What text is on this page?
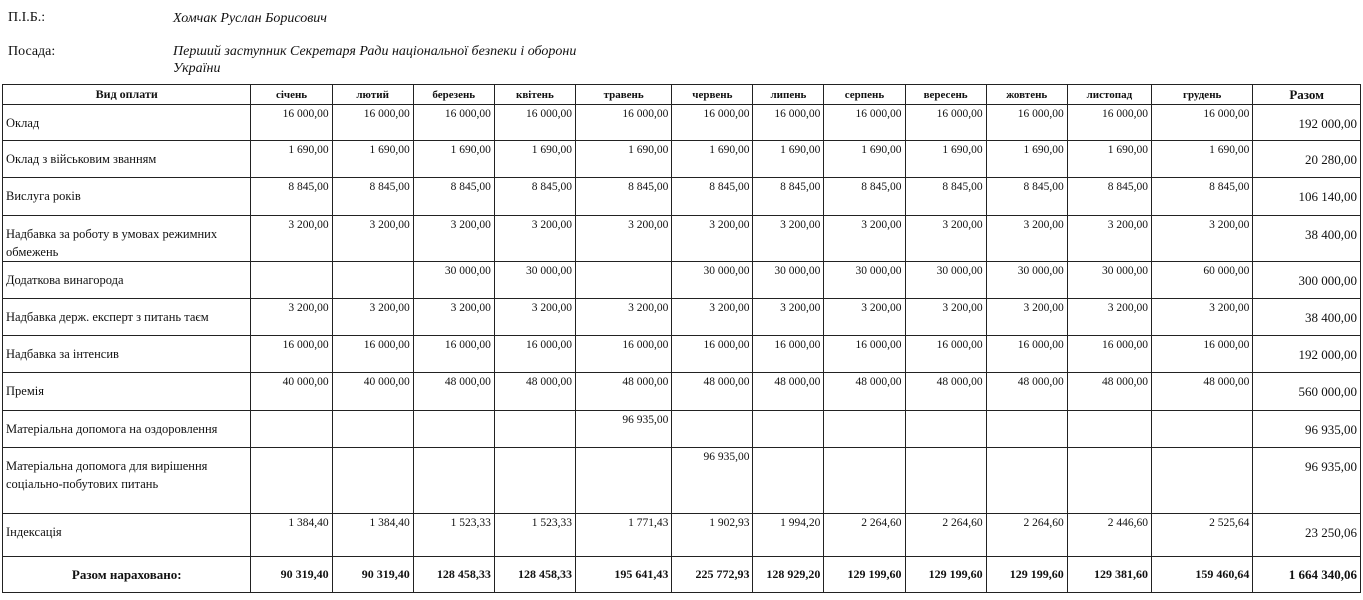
П.І.Б.:	Хомчак Руслан Борисович
Посада:	Перший заступник Секретаря Ради національної безпеки і оборони
України
Вид оплати	січень	лютий	березень	квітень	травень	червень	липень	серпень	вересень	жовтень	листопад	грудень	Разом
Оклад	16 000,00	16 000,00	16 000,00	16 000,00	16 000,00	16 000,00	16 000,00	16 000,00	16 000,00	16 000,00	16 000,00	16 000,00	192 000,00
Оклад з військовим званням	1 690,00	1 690,00	1 690,00	1 690,00	1 690,00	1 690,00	1 690,00	1 690,00	1 690,00	1 690,00	1 690,00	1 690,00	20 280,00
Вислуга років	8 845,00	8 845,00	8 845,00	8 845,00	8 845,00	8 845,00	8 845,00	8 845,00	8 845,00	8 845,00	8 845,00	8 845,00	106 140,00
Надбавка за роботу в умовах режимних обмежень	3 200,00	3 200,00	3 200,00	3 200,00	3 200,00	3 200,00	3 200,00	3 200,00	3 200,00	3 200,00	3 200,00	3 200,00	38 400,00
Додаткова винагорода			30 000,00	30 000,00		30 000,00	30 000,00	30 000,00	30 000,00	30 000,00	30 000,00	60 000,00	300 000,00
Надбавка держ. експерт з питань таєм	3 200,00	3 200,00	3 200,00	3 200,00	3 200,00	3 200,00	3 200,00	3 200,00	3 200,00	3 200,00	3 200,00	3 200,00	38 400,00
Надбавка за інтенсив	16 000,00	16 000,00	16 000,00	16 000,00	16 000,00	16 000,00	16 000,00	16 000,00	16 000,00	16 000,00	16 000,00	16 000,00	192 000,00
Премія	40 000,00	40 000,00	48 000,00	48 000,00	48 000,00	48 000,00	48 000,00	48 000,00	48 000,00	48 000,00	48 000,00	48 000,00	560 000,00
Матеріальна допомога на оздоровлення					96 935,00								96 935,00
Матеріальна допомога для вирішення соціально-побутових питань						96 935,00							96 935,00
Індексація	1 384,40	1 384,40	1 523,33	1 523,33	1 771,43	1 902,93	1 994,20	2 264,60	2 264,60	2 264,60	2 446,60	2 525,64	23 250,06
Разом нараховано:	90 319,40	90 319,40	128 458,33	128 458,33	195 641,43	225 772,93	128 929,20	129 199,60	129 199,60	129 199,60	129 381,60	159 460,64	1 664 340,06
